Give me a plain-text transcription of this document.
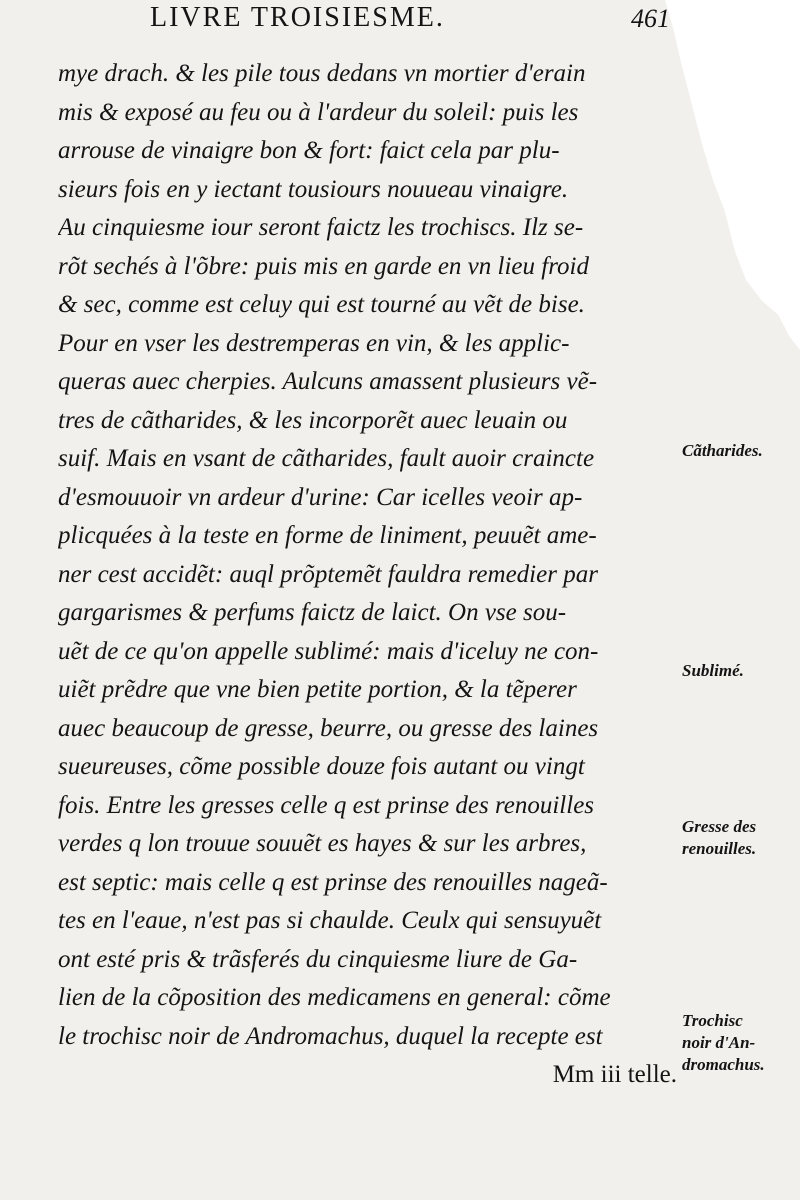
LIVRE TROISIESME.	461
mye drach. & les pile tous dedans vn mortier d'erain
mis & exposé au feu ou à l'ardeur du soleil: puis les
arrouse de vinaigre bon & fort: faict cela par plu-
sieurs fois en y iectant tousiours nouueau vinaigre.
Au cinquiesme iour seront faictz les trochiscs. Ilz se-
rõt sechés à l'õbre: puis mis en garde en vn lieu froid
& sec, comme est celuy qui est tourné au vẽt de bise.
Pour en vser les destremperas en vin, & les applic-
queras auec cherpies. Aulcuns amassent plusieurs vẽ-
tres de cãtharides, & les incorporẽt auec leuain ou
suif. Mais en vsant de cãtharides, fault auoir craincte
d'esmouuoir vn ardeur d'urine: Car icelles veoir ap-
plicquées à la teste en forme de liniment, peuuẽt ame-
ner cest accidẽt: auql prõptemẽt fauldra remedier par
gargarismes & perfums faictz de laict. On vse sou-
uẽt de ce qu'on appelle sublimé: mais d'iceluy ne con-
uiẽt prẽdre que vne bien petite portion, & la tẽperer
auec beaucoup de gresse, beurre, ou gresse des laines
sueureuses, cõme possible douze fois autant ou vingt
fois. Entre les gresses celle q est prinse des renouilles
verdes q lon trouue souuẽt es hayes & sur les arbres,
est septic: mais celle q est prinse des renouilles nageã-
tes en l'eaue, n'est pas si chaulde. Ceulx qui sensuyuẽt
ont esté pris & trãsferés du cinquiesme liure de Ga-
lien de la cõposition des medicamens en general: cõme
le trochisc noir de Andromachus, duquel la recepte est
Mm iii telle.
Cãtharides.
Sublimé.
Gresse des
renouilles.
Trochisc
noir d'An-
dromachus.
